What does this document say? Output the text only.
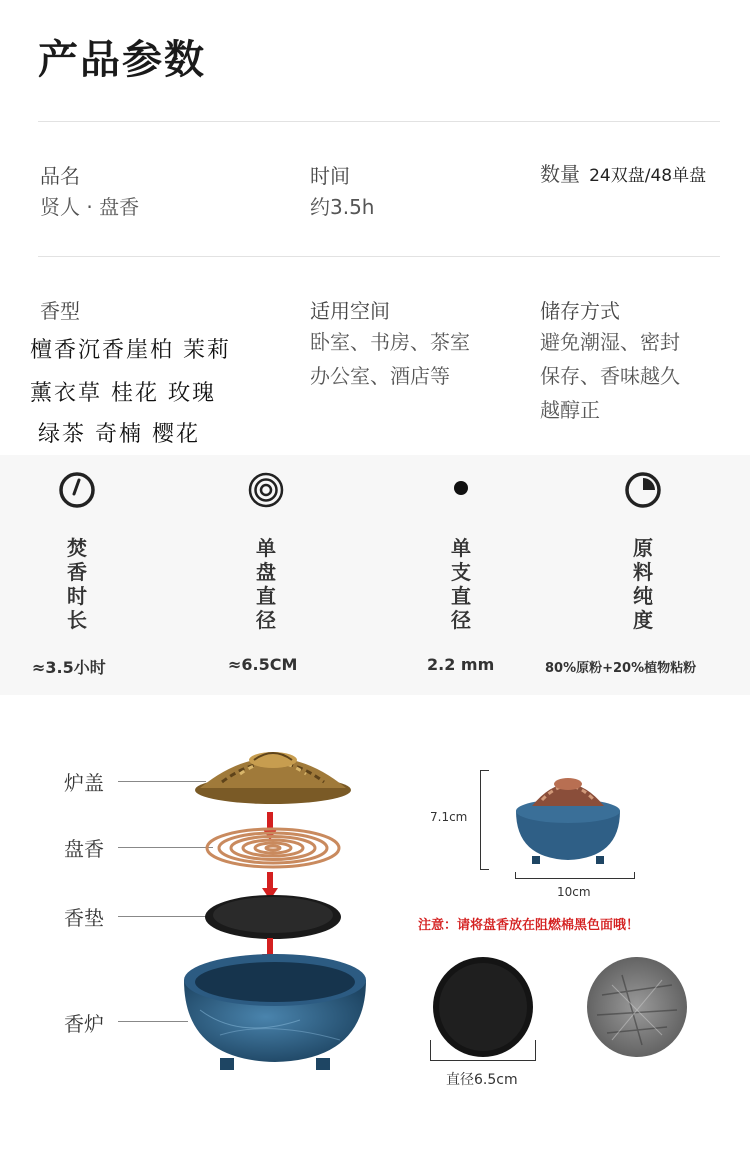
产品参数
品名
贤人 · 盘香
时间
约3.5h
数量 24双盘/48单盘
香型
檀香沉香崖柏 茉莉
薰衣草 桂花 玫瑰
绿茶 奇楠 樱花
适用空间
卧室、书房、茶室
办公室、酒店等
储存方式
避免潮湿、密封
保存、香味越久
越醇正
焚香时长
≈3.5小时
单盘直径
≈6.5CM
单支直径
2.2 mm
原料纯度
80%原粉+20%植物粘粉
炉盖
盘香
香垫
香炉
7.1cm
10cm
注意：请将盘香放在阻燃棉黑色面哦！
直径6.5cm
